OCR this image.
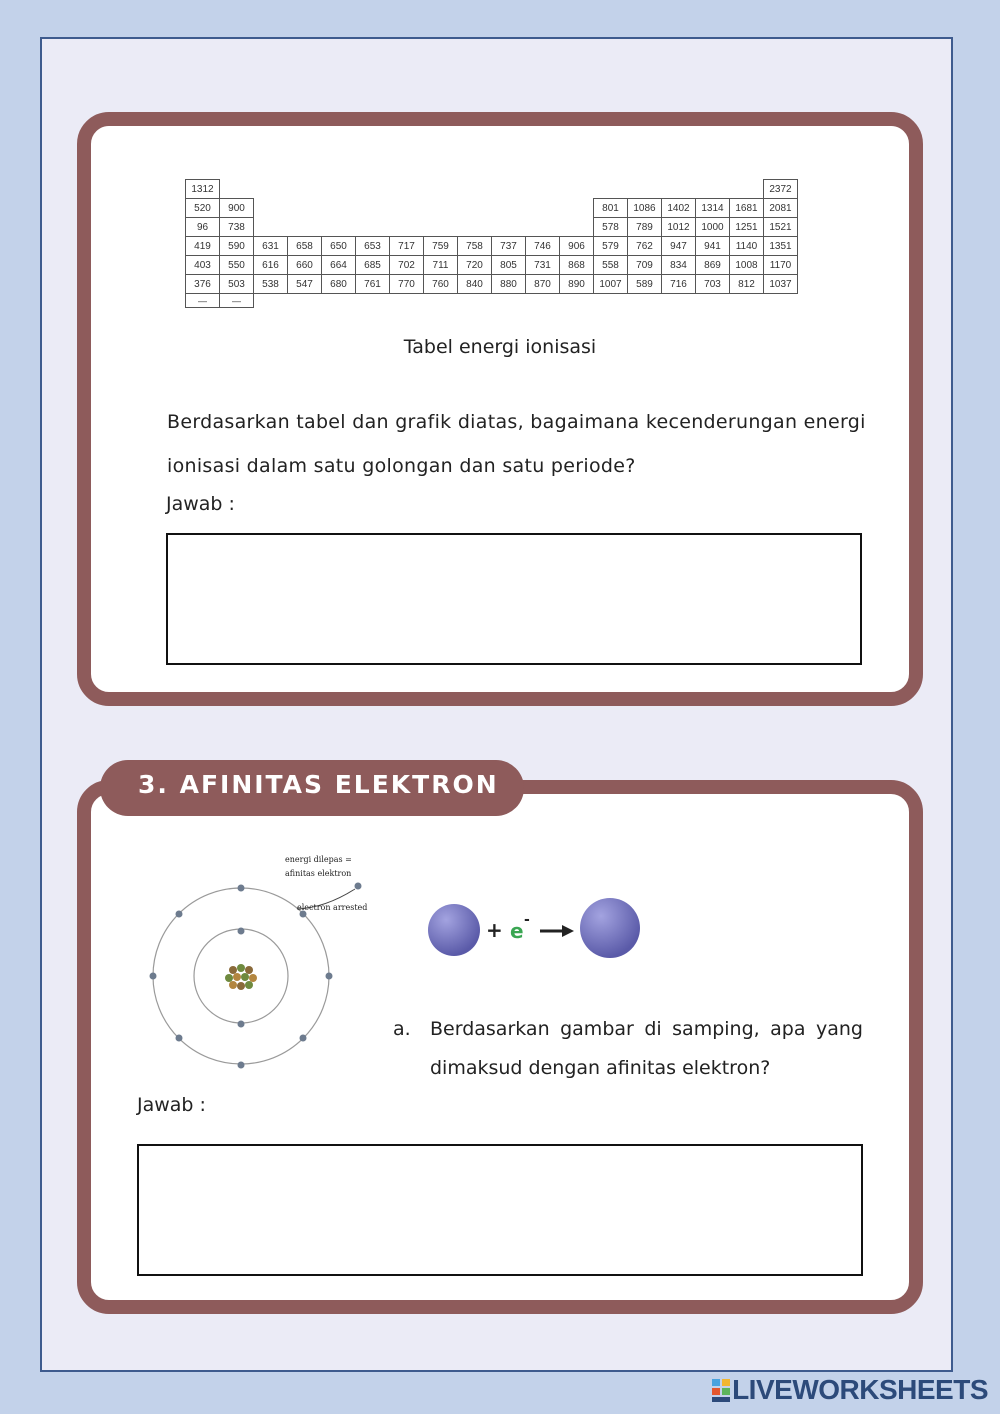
1312																	2372
520	900											801	1086	1402	1314	1681	2081
96	738											578	789	1012	1000	1251	1521
419	590	631	658	650	653	717	759	758	737	746	906	579	762	947	941	1140	1351
403	550	616	660	664	685	702	711	720	805	731	868	558	709	834	869	1008	1170
376	503	538	547	680	761	770	760	840	880	870	890	1007	589	716	703	812	1037
—	—																
Tabel energi ionisasi
Berdasarkan tabel dan grafik diatas, bagaimana kecenderungan energi ionisasi dalam satu golongan dan satu periode?
Jawab :
3. AFINITAS ELEKTRON
energi dilepas =
afinitas elektron
electron arrested
+ e -
a. Berdasarkan gambar di samping, apa yang dimaksud dengan afinitas elektron?
Jawab :
LIVEWORKSHEETS
